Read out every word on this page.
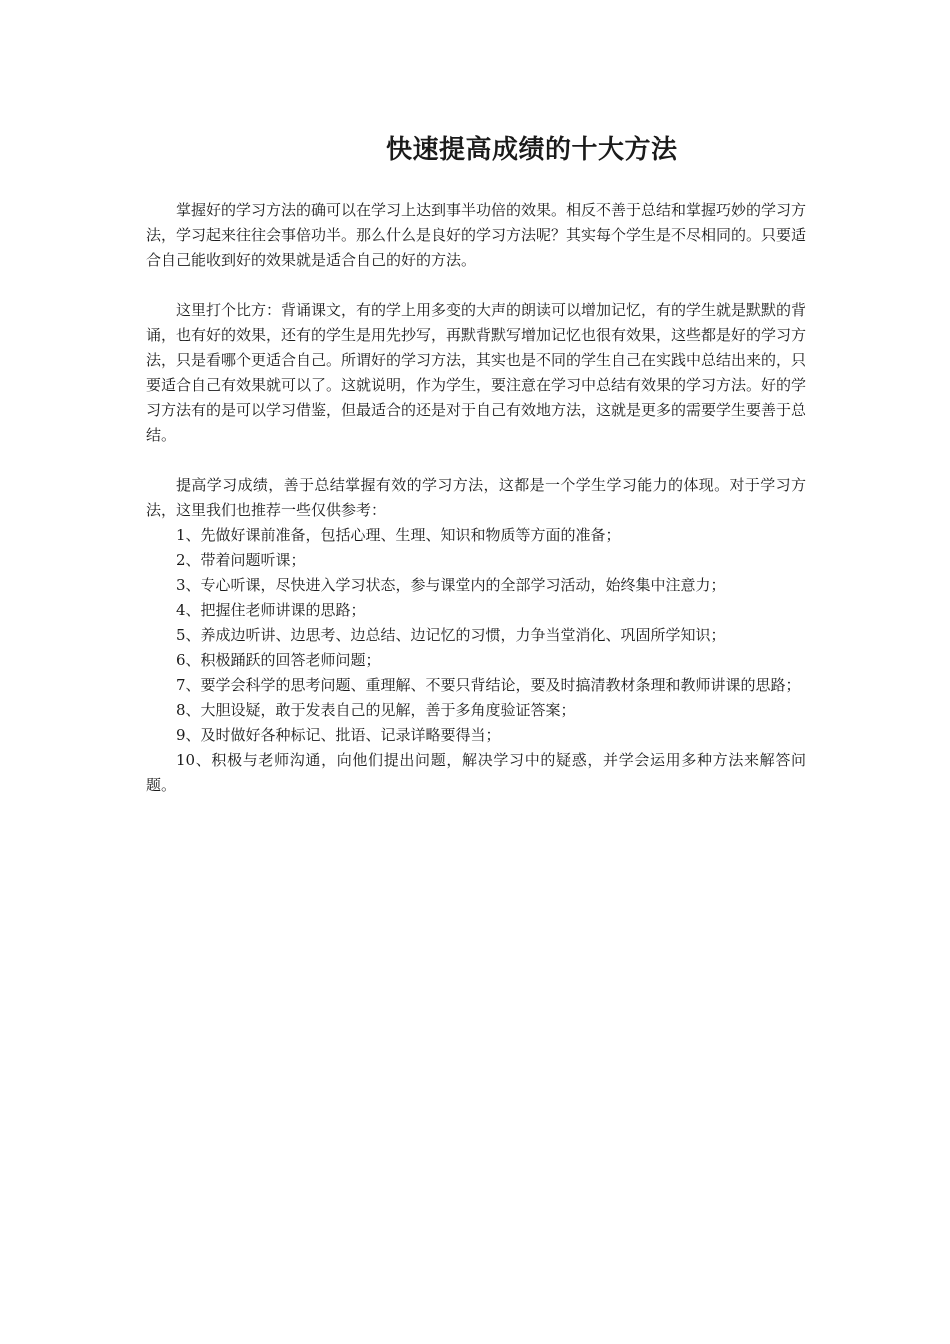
快速提高成绩的十大方法

掌握好的学习方法的确可以在学习上达到事半功倍的效果。相反不善于总结和掌握巧妙的学习方法，学习起来往往会事倍功半。那么什么是良好的学习方法呢？其实每个学生是不尽相同的。只要适合自己能收到好的效果就是适合自己的好的方法。

这里打个比方：背诵课文，有的学上用多变的大声的朗读可以增加记忆，有的学生就是默默的背诵，也有好的效果，还有的学生是用先抄写，再默背默写增加记忆也很有效果，这些都是好的学习方法，只是看哪个更适合自己。所谓好的学习方法，其实也是不同的学生自己在实践中总结出来的，只要适合自己有效果就可以了。这就说明，作为学生，要注意在学习中总结有效果的学习方法。好的学习方法有的是可以学习借鉴，但最适合的还是对于自己有效地方法，这就是更多的需要学生要善于总结。

提高学习成绩，善于总结掌握有效的学习方法，这都是一个学生学习能力的体现。对于学习方法，这里我们也推荐一些仅供参考：

1、先做好课前准备，包括心理、生理、知识和物质等方面的准备；
2、带着问题听课；
3、专心听课，尽快进入学习状态，参与课堂内的全部学习活动，始终集中注意力；
4、把握住老师讲课的思路；
5、养成边听讲、边思考、边总结、边记忆的习惯，力争当堂消化、巩固所学知识；
6、积极踊跃的回答老师问题；
7、要学会科学的思考问题、重理解、不要只背结论，要及时搞清教材条理和教师讲课的思路；
8、大胆设疑，敢于发表自己的见解，善于多角度验证答案；
9、及时做好各种标记、批语、记录详略要得当；
10、积极与老师沟通，向他们提出问题，解决学习中的疑惑，并学会运用多种方法来解答问题。
